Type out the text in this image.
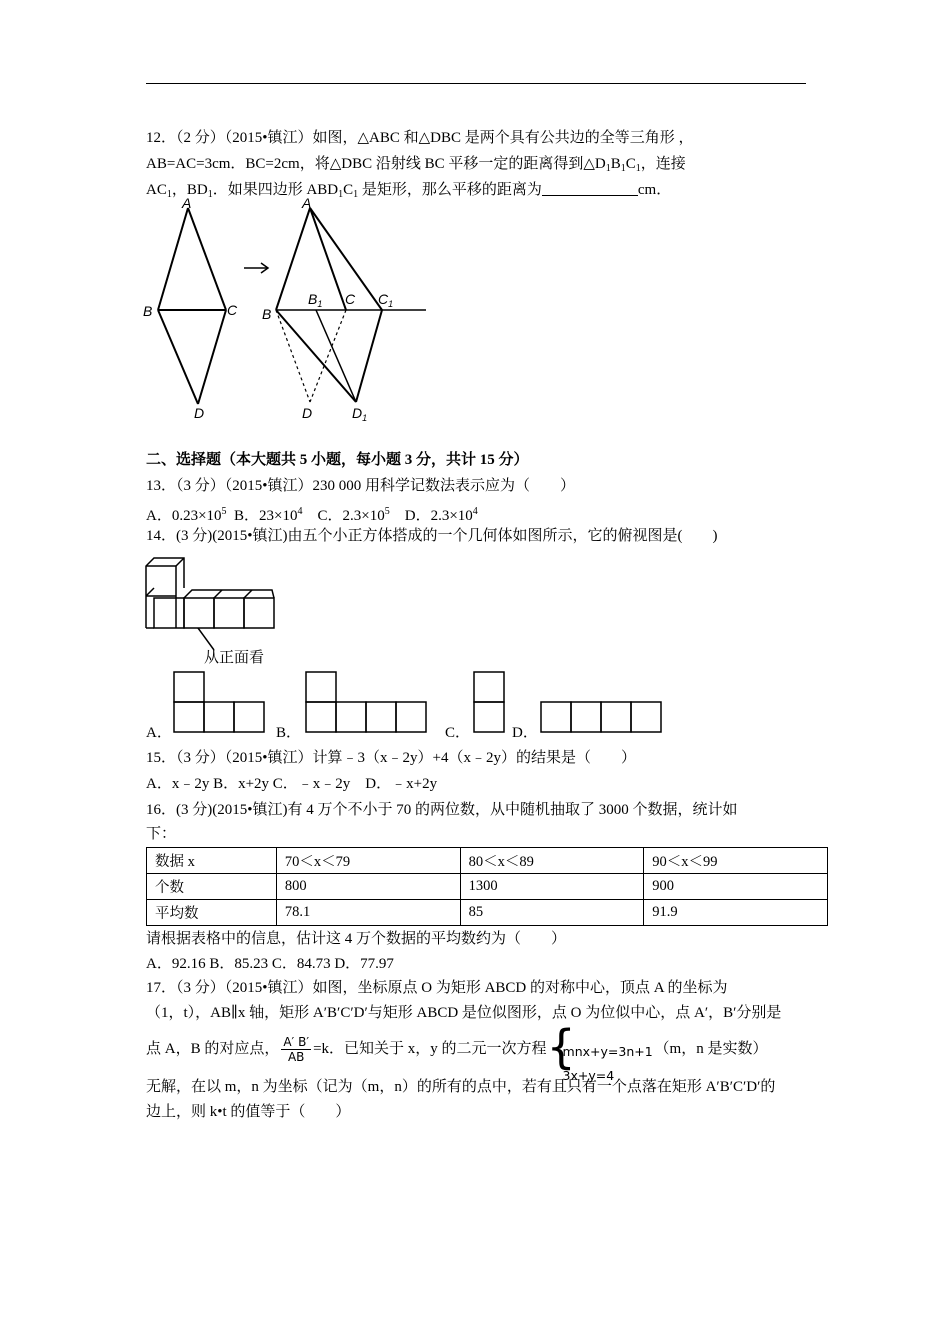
12．（2 分）（2015•镇江）如图，△ABC 和△DBC 是两个具有公共边的全等三角形 ，
AB=AC=3cm．BC=2cm，将△DBC 沿射线 BC 平移一定的距离得到$\triangle D_1B_1C_1$，连接
$AC_1$，$BD_1$．如果四边形 $ABD_1C_1$ 是矩形，那么平移的距离为	cm．
A
B	C
D
A
B
$B_1$ C $C_1$
D	$D_1$
二、选择题（本大题共 5 小题，每小题 3 分，共计 15 分）
13．（3 分）（2015•镇江）230 000 用科学记数法表示应为（　　）
A．$0.23\times 10^5$ B．$23\times 10^4$ C．$2.3\times 10^5$ D．$2.3\times 10^4$
14．(3 分)(2015•镇江)由五个小正方体搭成的一个几何体如图所示，它的俯视图是(　　)
从正面看
A．	B．	C．	D．
15．（3 分）（2015•镇江）计算﹣3（x﹣2y）+4（x﹣2y）的结果是（　　）
A．x﹣2y B．x+2y C．﹣x﹣2y　D．﹣x+2y
16．(3 分)(2015•镇江)有 4 万个不小于 70 的两位数，从中随机抽取了 3000 个数据，统计如
下：
数据 x	70＜x＜79	80＜x＜89	90＜x＜99
个数	800	1300	900
平均数	78.1	85	91.9
请根据表格中的信息，估计这 4 万个数据的平均数约为（　　）
A．92.16 B．85.23 C．84.73 D．77.97
17．（3 分）（2015•镇江）如图，坐标原点 O 为矩形 ABCD 的对称中心，顶点 A 的坐标为
（1，t），AB∥x 轴，矩形 A′B′C′D′与矩形 ABCD 是位似图形，点 O 为位似中心，点 A′，B′分别是
点 A，B 的对应点， $\frac{A' B'}{AB} =k$．已知关于 x，y 的二元一次方程 {
mnx+y=3n+1
3x+y=4
（m，n 是实数）
无解，在以 m，n 为坐标（记为（m，n）的所有的点中，若有且只有一个点落在矩形 A′B′C′D′的
边上，则 k•t 的值等于（　　）
